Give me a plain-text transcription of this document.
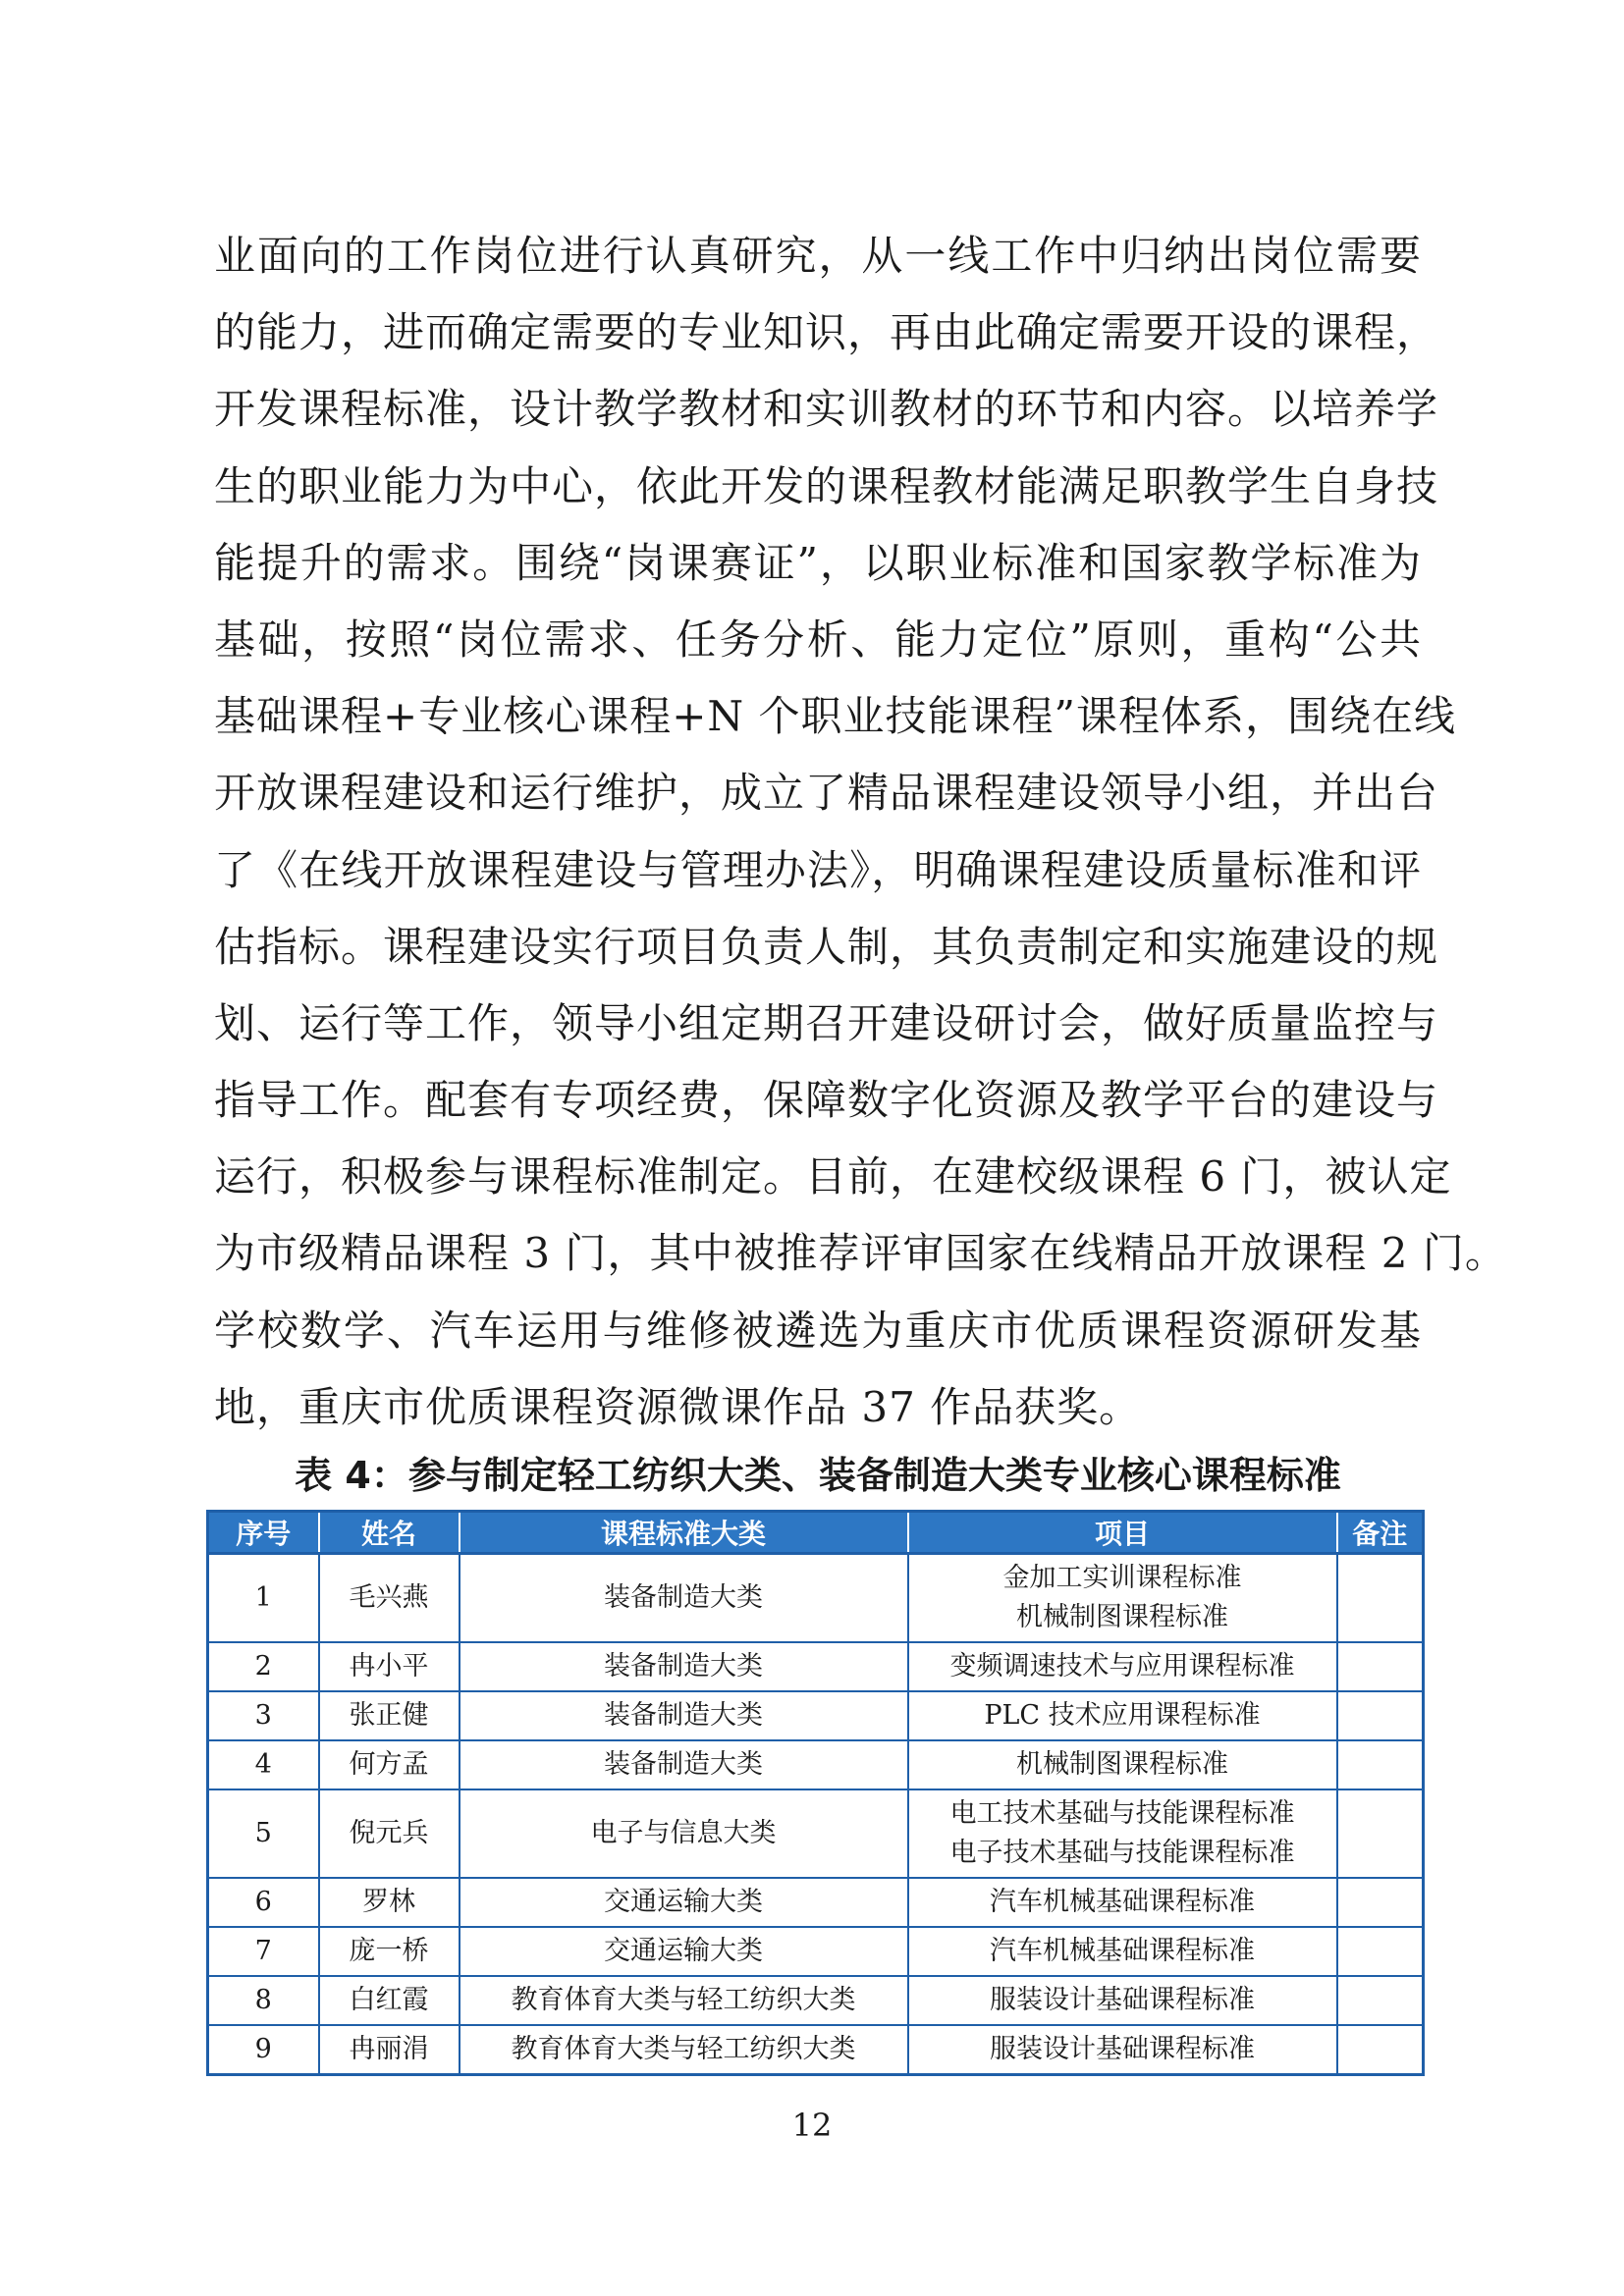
业面向的工作岗位进行认真研究，从一线工作中归纳出岗位需要
的能力，进而确定需要的专业知识，再由此确定需要开设的课程，
开发课程标准，设计教学教材和实训教材的环节和内容。以培养学
生的职业能力为中心，依此开发的课程教材能满足职教学生自身技
能提升的需求。围绕“岗课赛证”，以职业标准和国家教学标准为
基础，按照“岗位需求、任务分析、能力定位”原则，重构“公共
基础课程+专业核心课程+N 个职业技能课程”课程体系，围绕在线
开放课程建设和运行维护，成立了精品课程建设领导小组，并出台
了《在线开放课程建设与管理办法》，明确课程建设质量标准和评
估指标。课程建设实行项目负责人制，其负责制定和实施建设的规
划、运行等工作，领导小组定期召开建设研讨会，做好质量监控与
指导工作。配套有专项经费，保障数字化资源及教学平台的建设与
运行，积极参与课程标准制定。目前，在建校级课程 6 门，被认定
为市级精品课程 3 门，其中被推荐评审国家在线精品开放课程 2 门。
学校数学、汽车运用与维修被遴选为重庆市优质课程资源研发基
地，重庆市优质课程资源微课作品 37 作品获奖。
表 4：参与制定轻工纺织大类、装备制造大类专业核心课程标准
序号	姓名	课程标准大类	项目	备注
1	毛兴燕	装备制造大类	金加工实训课程标准
机械制图课程标准	

2	冉小平	装备制造大类	变频调速技术与应用课程标准	

3	张正健	装备制造大类	PLC 技术应用课程标准	

4	何方孟	装备制造大类	机械制图课程标准	

5	倪元兵	电子与信息大类	电工技术基础与技能课程标准
电子技术基础与技能课程标准	

6	罗林	交通运输大类	汽车机械基础课程标准	

7	庞一桥	交通运输大类	汽车机械基础课程标准	

8	白红霞	教育体育大类与轻工纺织大类	服装设计基础课程标准	

9	冉丽涓	教育体育大类与轻工纺织大类	服装设计基础课程标准	

12
